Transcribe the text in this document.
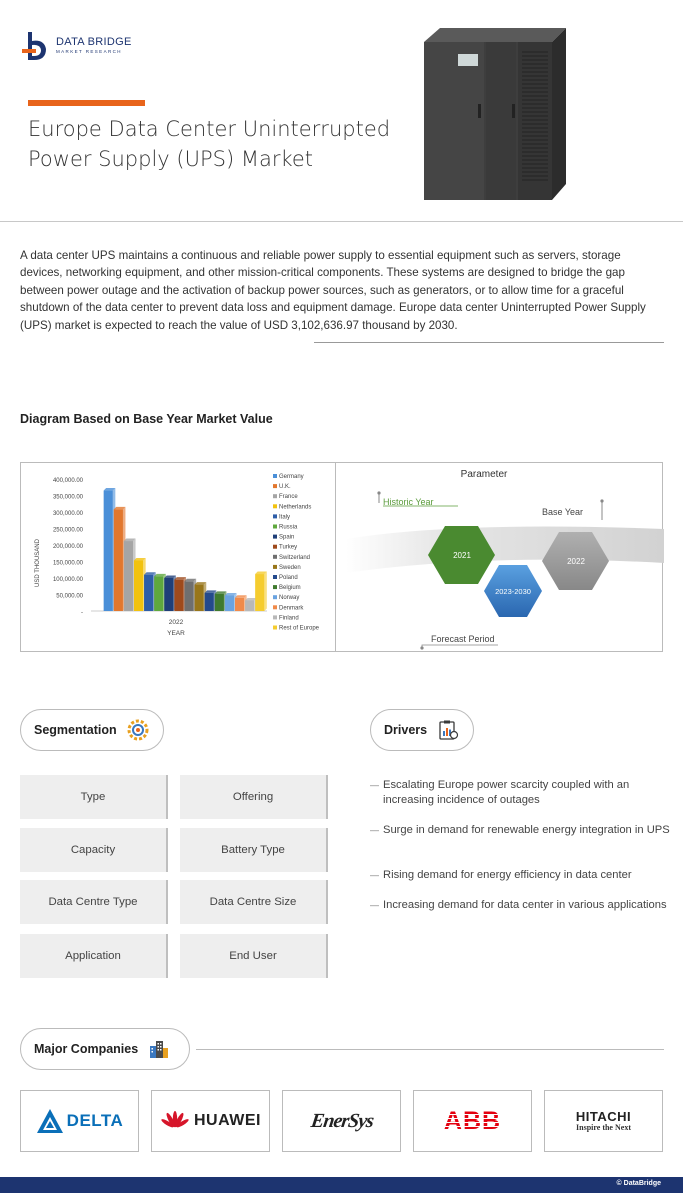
DATA BRIDGE
MARKET RESEARCH
Europe Data Center Uninterrupted Power Supply (UPS) Market

A data center UPS maintains a continuous and reliable power supply to essential equipment such as servers, storage devices, networking equipment, and other mission-critical components. These systems are designed to bridge the gap between power outage and the activation of backup power sources, such as generators, or to allow time for a graceful shutdown of the data center to prevent data loss and equipment damage. Europe data center Uninterrupted Power Supply (UPS) market is expected to reach the value of USD 3,102,636.97 thousand by 2030.

Diagram Based on Base Year Market Value
400,000.00
350,000.00
300,000.00
250,000.00
200,000.00
150,000.00
100,000.00
50,000.00
-
USD THOUSAND
2022
YEAR
Germany
U.K.
France
Netherlands
Italy
Russia
Spain
Turkey
Switzerland
Sweden
Poland
Belgium
Norway
Denmark
Finland
Rest of Europe
Parameter
Historic Year
Base Year
2021
2023-2030
2022
Forecast Period
Segmentation	Drivers
Type	Offering
Capacity	Battery Type
Data Centre Type	Data Centre Size
Application	End User
— Escalating Europe power scarcity coupled with an increasing incidence of outages
— Surge in demand for renewable energy integration in UPS
— Rising demand for energy efficiency in data center
— Increasing demand for data center in various applications
Major Companies
DELTA	HUAWEI EnerSys	ABB	HITACHI
Inspire the Next
© DataBridge
